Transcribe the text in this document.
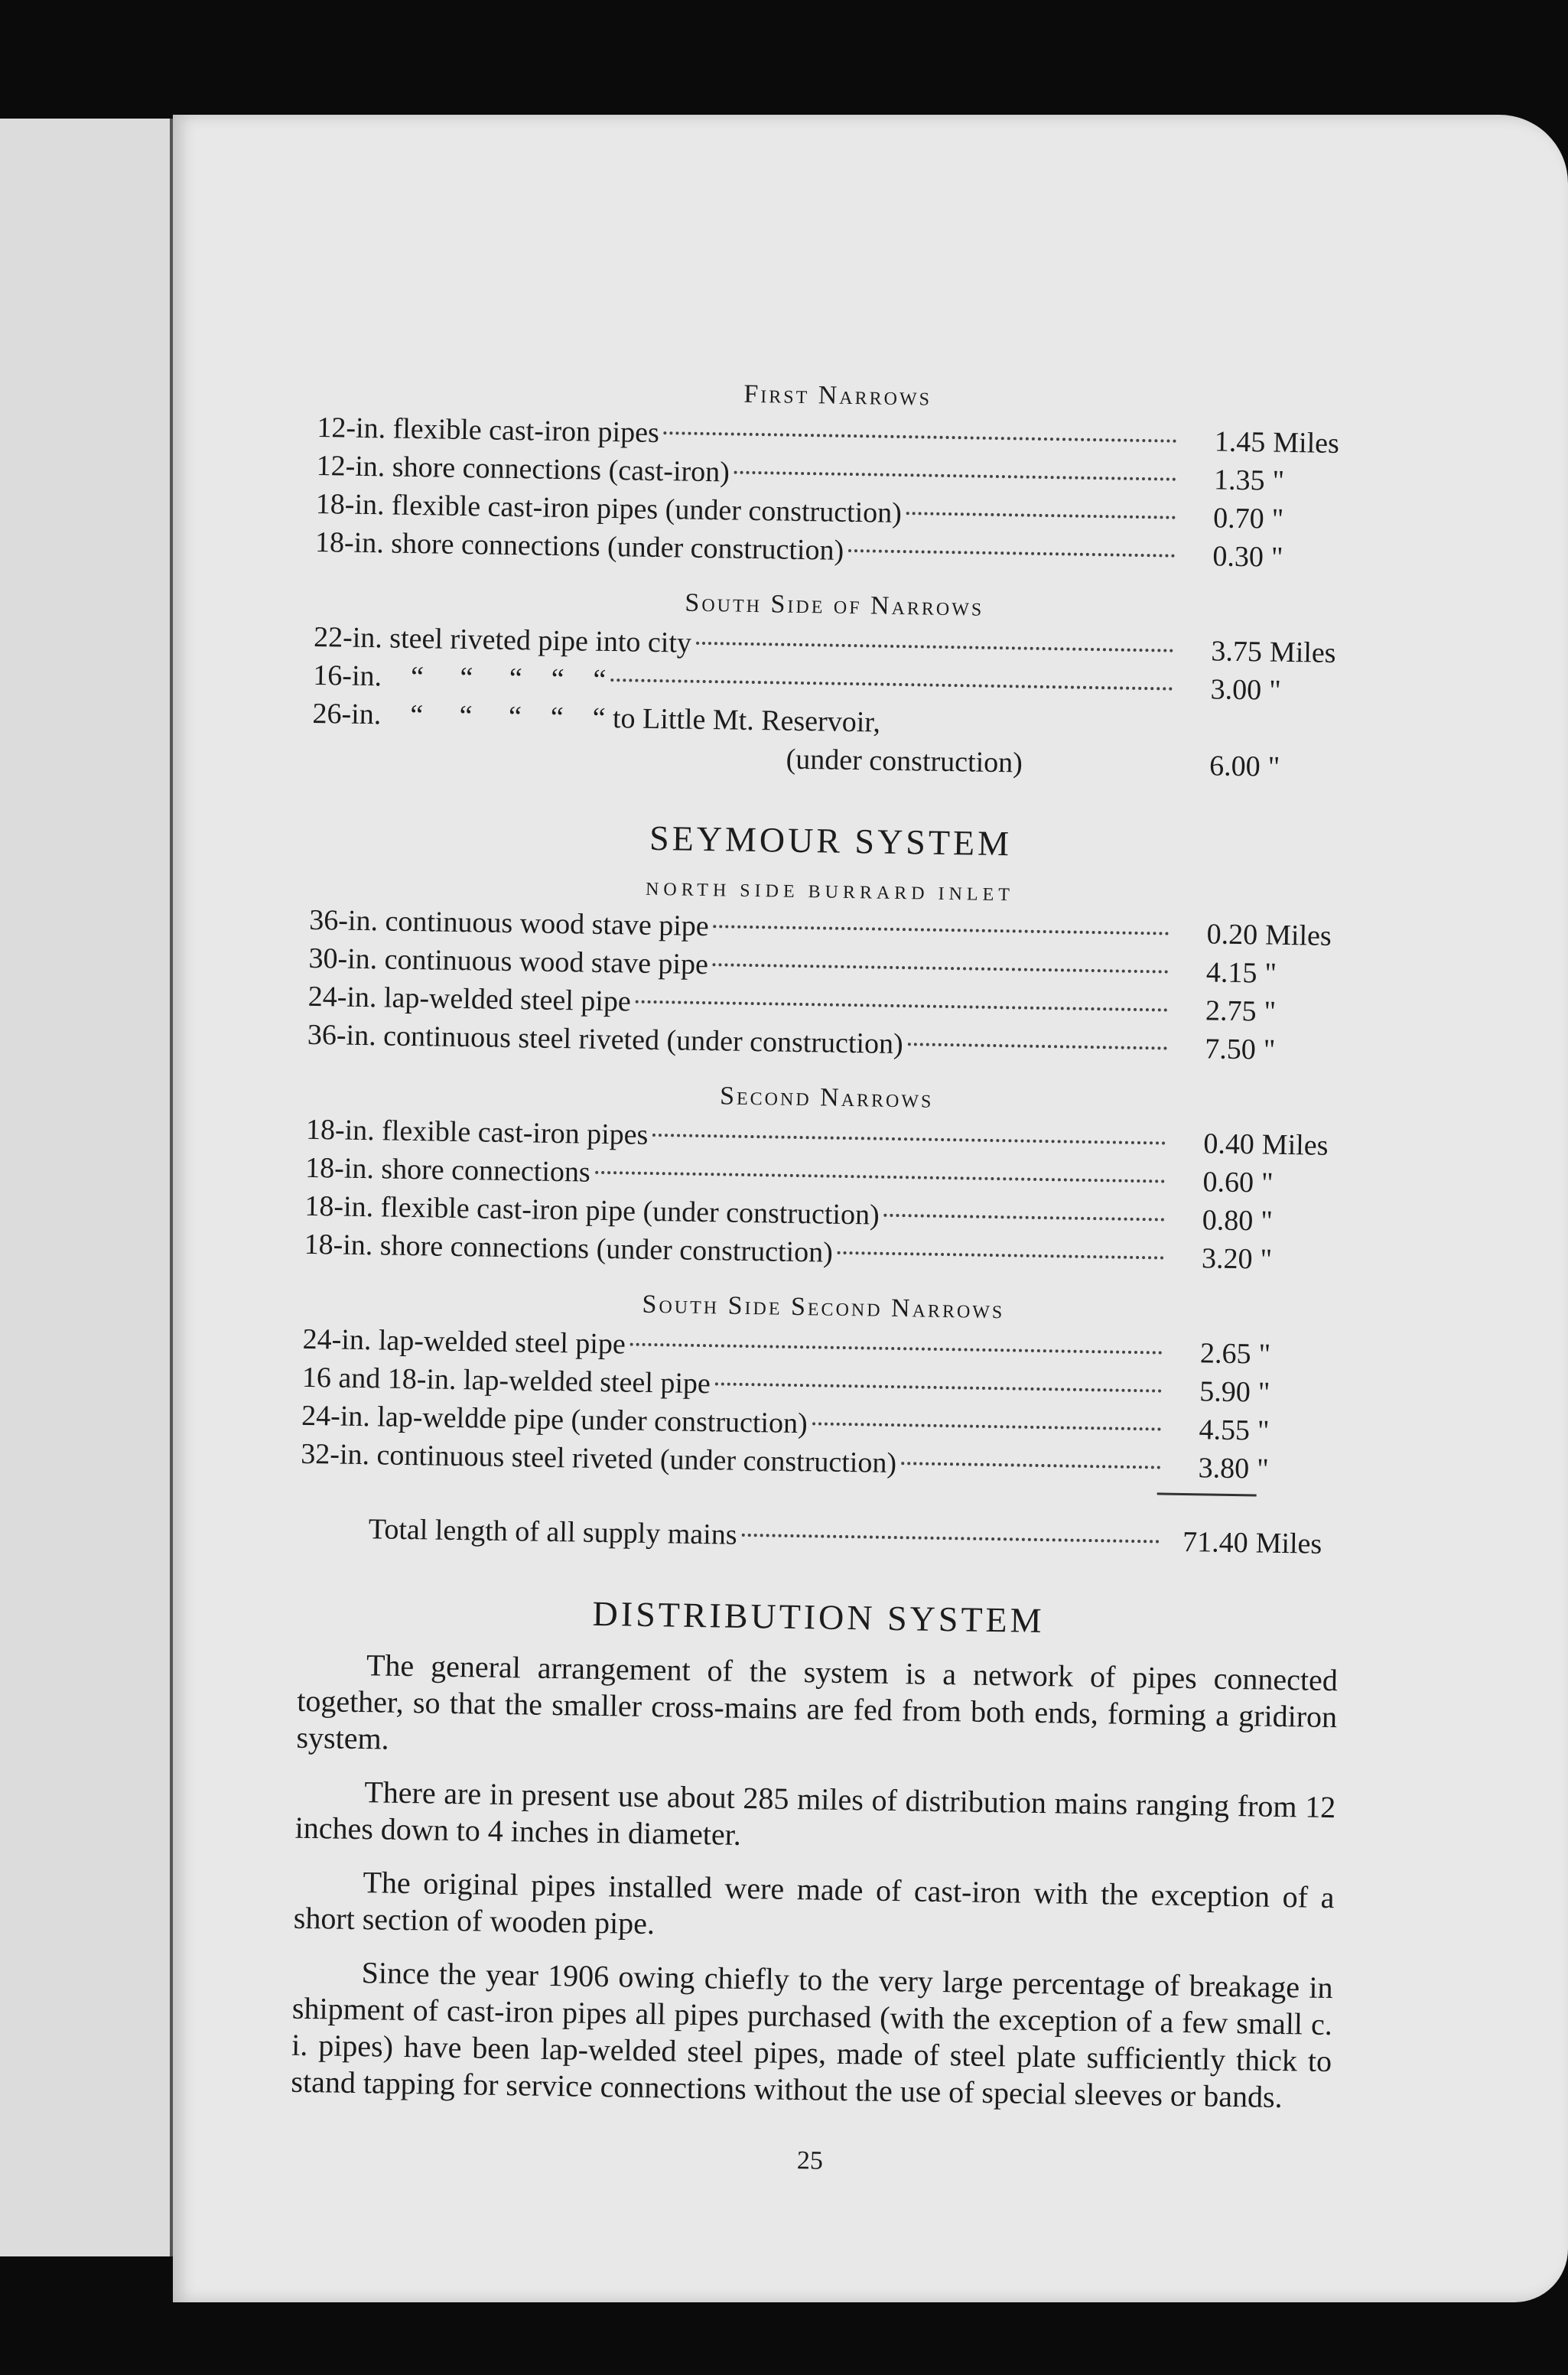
First Narrows
12-in. flexible cast-iron pipes	1.45 Miles
12-in. shore connections (cast-iron)	1.35 "
18-in. flexible cast-iron pipes (under construction)	0.70 "
18-in. shore connections (under construction)	0.30 "
South Side of Narrows
22-in. steel riveted pipe into city	3.75 Miles
16-in.    “     “     “    “    “	3.00 "
26-in.    “     “     “    “    “ to Little Mt. Reservoir,
(under construction)	6.00 "
SEYMOUR SYSTEM
NORTH SIDE BURRARD INLET
36-in. continuous wood stave pipe	0.20 Miles
30-in. continuous wood stave pipe	4.15 "
24-in. lap-welded steel pipe	2.75 "
36-in. continuous steel riveted (under construction)	7.50 "
Second Narrows
18-in. flexible cast-iron pipes	0.40 Miles
18-in. shore connections	0.60 "
18-in. flexible cast-iron pipe (under construction)	0.80 "
18-in. shore connections (under construction)	3.20 "
South Side Second Narrows
24-in. lap-welded steel pipe	2.65 "
16 and 18-in. lap-welded steel pipe	5.90 "
24-in. lap-weldde pipe (under construction)	4.55 "
32-in. continuous steel riveted (under construction)	3.80 "
Total length of all supply mains	71.40 Miles
DISTRIBUTION SYSTEM

The general arrangement of the system is a network of pipes connected together, so that the smaller cross-mains are fed from both ends, forming a gridiron system.

There are in present use about 285 miles of distribution mains ranging from 12 inches down to 4 inches in diameter.

The original pipes installed were made of cast-iron with the exception of a short section of wooden pipe.

Since the year 1906 owing chiefly to the very large percentage of breakage in shipment of cast-iron pipes all pipes purchased (with the exception of a few small c. i. pipes) have been lap-welded steel pipes, made of steel plate sufficiently thick to stand tapping for service connections without the use of special sleeves or bands.

25
